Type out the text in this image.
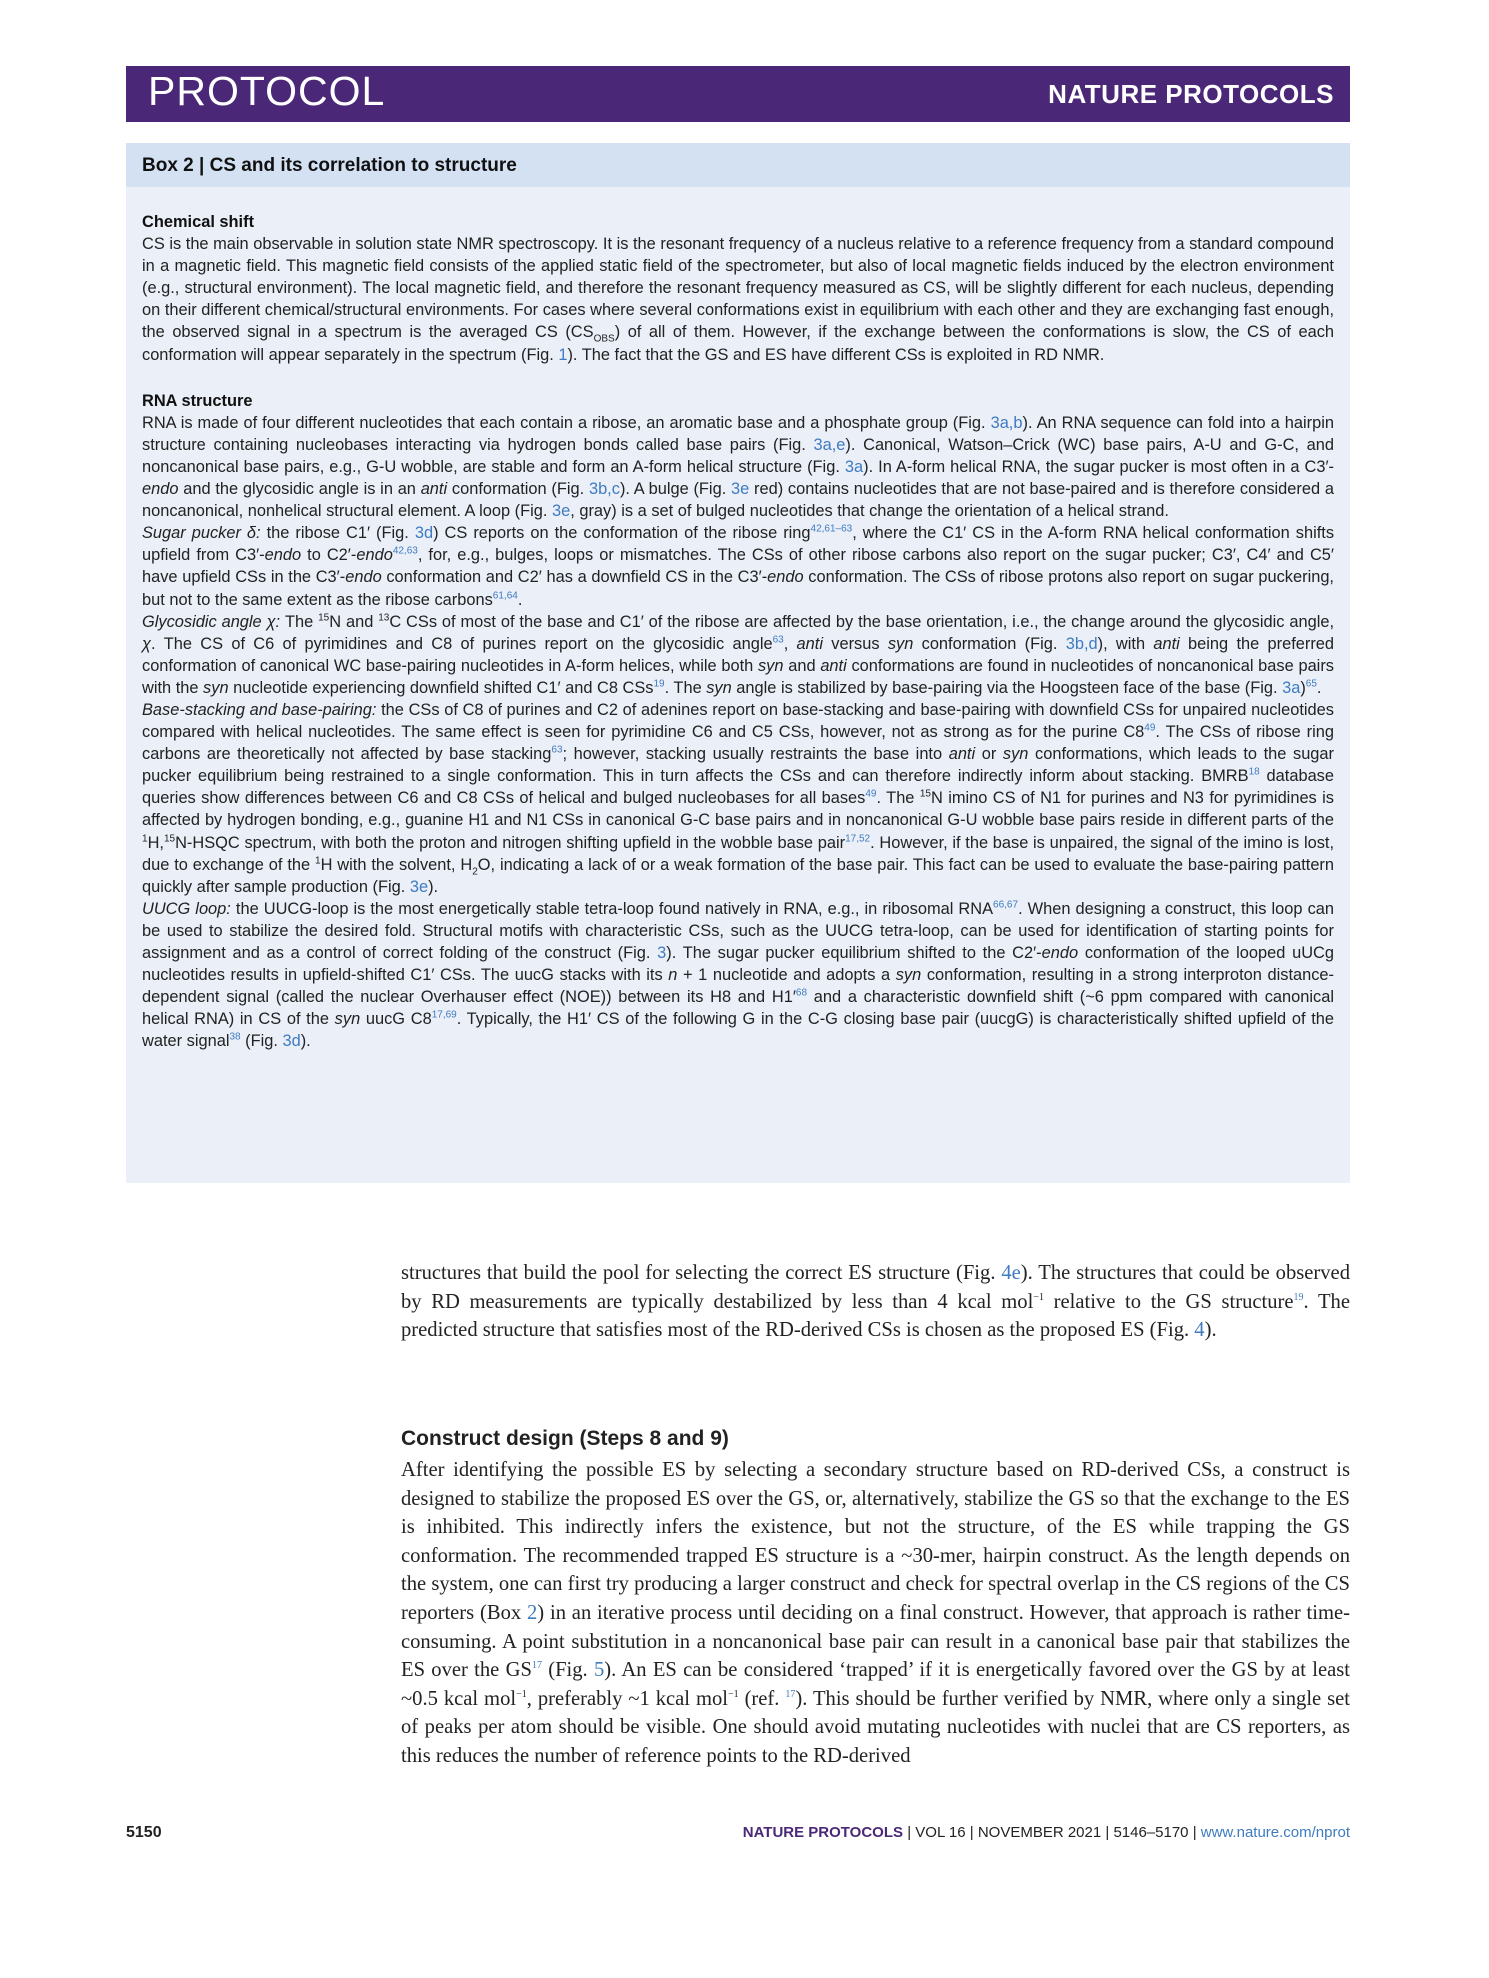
PROTOCOL	NATURE PROTOCOLS
Box 2 | CS and its correlation to structure
Chemical shift

CS is the main observable in solution state NMR spectroscopy. It is the resonant frequency of a nucleus relative to a reference frequency from a standard compound in a magnetic field. This magnetic field consists of the applied static field of the spectrometer, but also of local magnetic fields induced by the electron environment (e.g., structural environment). The local magnetic field, and therefore the resonant frequency measured as CS, will be slightly different for each nucleus, depending on their different chemical/structural environments. For cases where several conformations exist in equilibrium with each other and they are exchanging fast enough, the observed signal in a spectrum is the averaged CS $(CS_{OBS})$ of all of them. However, if the exchange between the conformations is slow, the CS of each conformation will appear separately in the spectrum (Fig. 1). The fact that the GS and ES have different CSs is exploited in RD NMR.

RNA structure

RNA is made of four different nucleotides that each contain a ribose, an aromatic base and a phosphate group (Fig. 3a,b). An RNA sequence can fold into a hairpin structure containing nucleobases interacting via hydrogen bonds called base pairs (Fig. 3a,e). Canonical, Watson–Crick (WC) base pairs, A-U and G-C, and noncanonical base pairs, e.g., G-U wobble, are stable and form an A-form helical structure (Fig. 3a). In A-form helical RNA, the sugar pucker is most often in a C3′-endo and the glycosidic angle is in an anti conformation (Fig. 3b,c). A bulge (Fig. 3e red) contains nucleotides that are not base-paired and is therefore considered a noncanonical, nonhelical structural element. A loop (Fig. 3e, gray) is a set of bulged nucleotides that change the orientation of a helical strand.

Sugar pucker δ: the ribose C1′ (Fig. 3d) CS reports on the conformation of the ribose ring$^{42,61-63}$, where the C1′ CS in the A-form RNA helical conformation shifts upfield from C3′-endo to C2′-endo$^{42,63}$, for, e.g., bulges, loops or mismatches. The CSs of other ribose carbons also report on the sugar pucker; C3′, C4′ and C5′ have upfield CSs in the C3′-endo conformation and C2′ has a downfield CS in the C3′-endo conformation. The CSs of ribose protons also report on sugar puckering, but not to the same extent as the ribose carbons$^{61,64}$.

Glycosidic angle χ: The $^{15}$N and $^{13}$C CSs of most of the base and C1′ of the ribose are affected by the base orientation, i.e., the change around the glycosidic angle, χ. The CS of C6 of pyrimidines and C8 of purines report on the glycosidic angle$^{63}$, anti versus syn conformation (Fig. 3b,d), with anti being the preferred conformation of canonical WC base-pairing nucleotides in A-form helices, while both syn and anti conformations are found in nucleotides of noncanonical base pairs with the syn nucleotide experiencing downfield shifted C1′ and C8 CSs$^{19}$. The syn angle is stabilized by base-pairing via the Hoogsteen face of the base (Fig. 3a)$^{65}$.

Base-stacking and base-pairing: the CSs of C8 of purines and C2 of adenines report on base-stacking and base-pairing with downfield CSs for unpaired nucleotides compared with helical nucleotides. The same effect is seen for pyrimidine C6 and C5 CSs, however, not as strong as for the purine $C8^{49}$. The CSs of ribose ring carbons are theoretically not affected by base stacking$^{63}$; however, stacking usually restraints the base into anti or syn conformations, which leads to the sugar pucker equilibrium being restrained to a single conformation. This in turn affects the CSs and can therefore indirectly inform about stacking. BMRB$^{18}$ database queries show differences between C6 and C8 CSs of helical and bulged nucleobases for all bases$^{49}$. The $^{15}$N imino CS of N1 for purines and N3 for pyrimidines is affected by hydrogen bonding, e.g., guanine H1 and N1 CSs in canonical G-C base pairs and in noncanonical G-U wobble base pairs reside in different parts of the $^1$H,$^{15}$N-HSQC spectrum, with both the proton and nitrogen shifting upfield in the wobble base pair$^{17,52}$. However, if the base is unpaired, the signal of the imino is lost, due to exchange of the $^1$H with the solvent, $H_2O$, indicating a lack of or a weak formation of the base pair. This fact can be used to evaluate the base-pairing pattern quickly after sample production (Fig. 3e).

UUCG loop: the UUCG-loop is the most energetically stable tetra-loop found natively in RNA, e.g., in ribosomal RNA$^{66,67}$. When designing a construct, this loop can be used to stabilize the desired fold. Structural motifs with characteristic CSs, such as the UUCG tetra-loop, can be used for identification of starting points for assignment and as a control of correct folding of the construct (Fig. 3). The sugar pucker equilibrium shifted to the C2′-endo conformation of the looped uUCg nucleotides results in upfield-shifted C1′ CSs. The uucG stacks with its n + 1 nucleotide and adopts a syn conformation, resulting in a strong interproton distance-dependent signal (called the nuclear Overhauser effect (NOE)) between its H8 and $H1'^{68}$ and a characteristic downfield shift (~6 ppm compared with canonical helical RNA) in CS of the syn uucG C8$^{17,69}$. Typically, the H1′ CS of the following G in the C-G closing base pair (uucgG) is characteristically shifted upfield of the water signal$^{38}$ (Fig. 3d).

structures that build the pool for selecting the correct ES structure (Fig. 4e). The structures that could be observed by RD measurements are typically destabilized by less than 4 kcal mol$^{-1}$ relative to the GS structure$^{19}$. The predicted structure that satisfies most of the RD-derived CSs is chosen as the proposed ES (Fig. 4).

Construct design (Steps 8 and 9)

After identifying the possible ES by selecting a secondary structure based on RD-derived CSs, a construct is designed to stabilize the proposed ES over the GS, or, alternatively, stabilize the GS so that the exchange to the ES is inhibited. This indirectly infers the existence, but not the structure, of the ES while trapping the GS conformation. The recommended trapped ES structure is a ~30-mer, hairpin construct. As the length depends on the system, one can first try producing a larger construct and check for spectral overlap in the CS regions of the CS reporters (Box 2) in an iterative process until deciding on a final construct. However, that approach is rather time-consuming. A point substitution in a noncanonical base pair can result in a canonical base pair that stabilizes the ES over the GS$^{17}$ (Fig. 5). An ES can be considered ‘trapped’ if it is energetically favored over the GS by at least ~0.5 kcal mol$^{-1}$, preferably ~1 kcal mol$^{-1}$ (ref. $^{17}$). This should be further verified by NMR, where only a single set of peaks per atom should be visible. One should avoid mutating nucleotides with nuclei that are CS reporters, as this reduces the number of reference points to the RD-derived

5150	NATURE PROTOCOLS | VOL 16 | NOVEMBER 2021 | 5146–5170 | www.nature.com/nprot
